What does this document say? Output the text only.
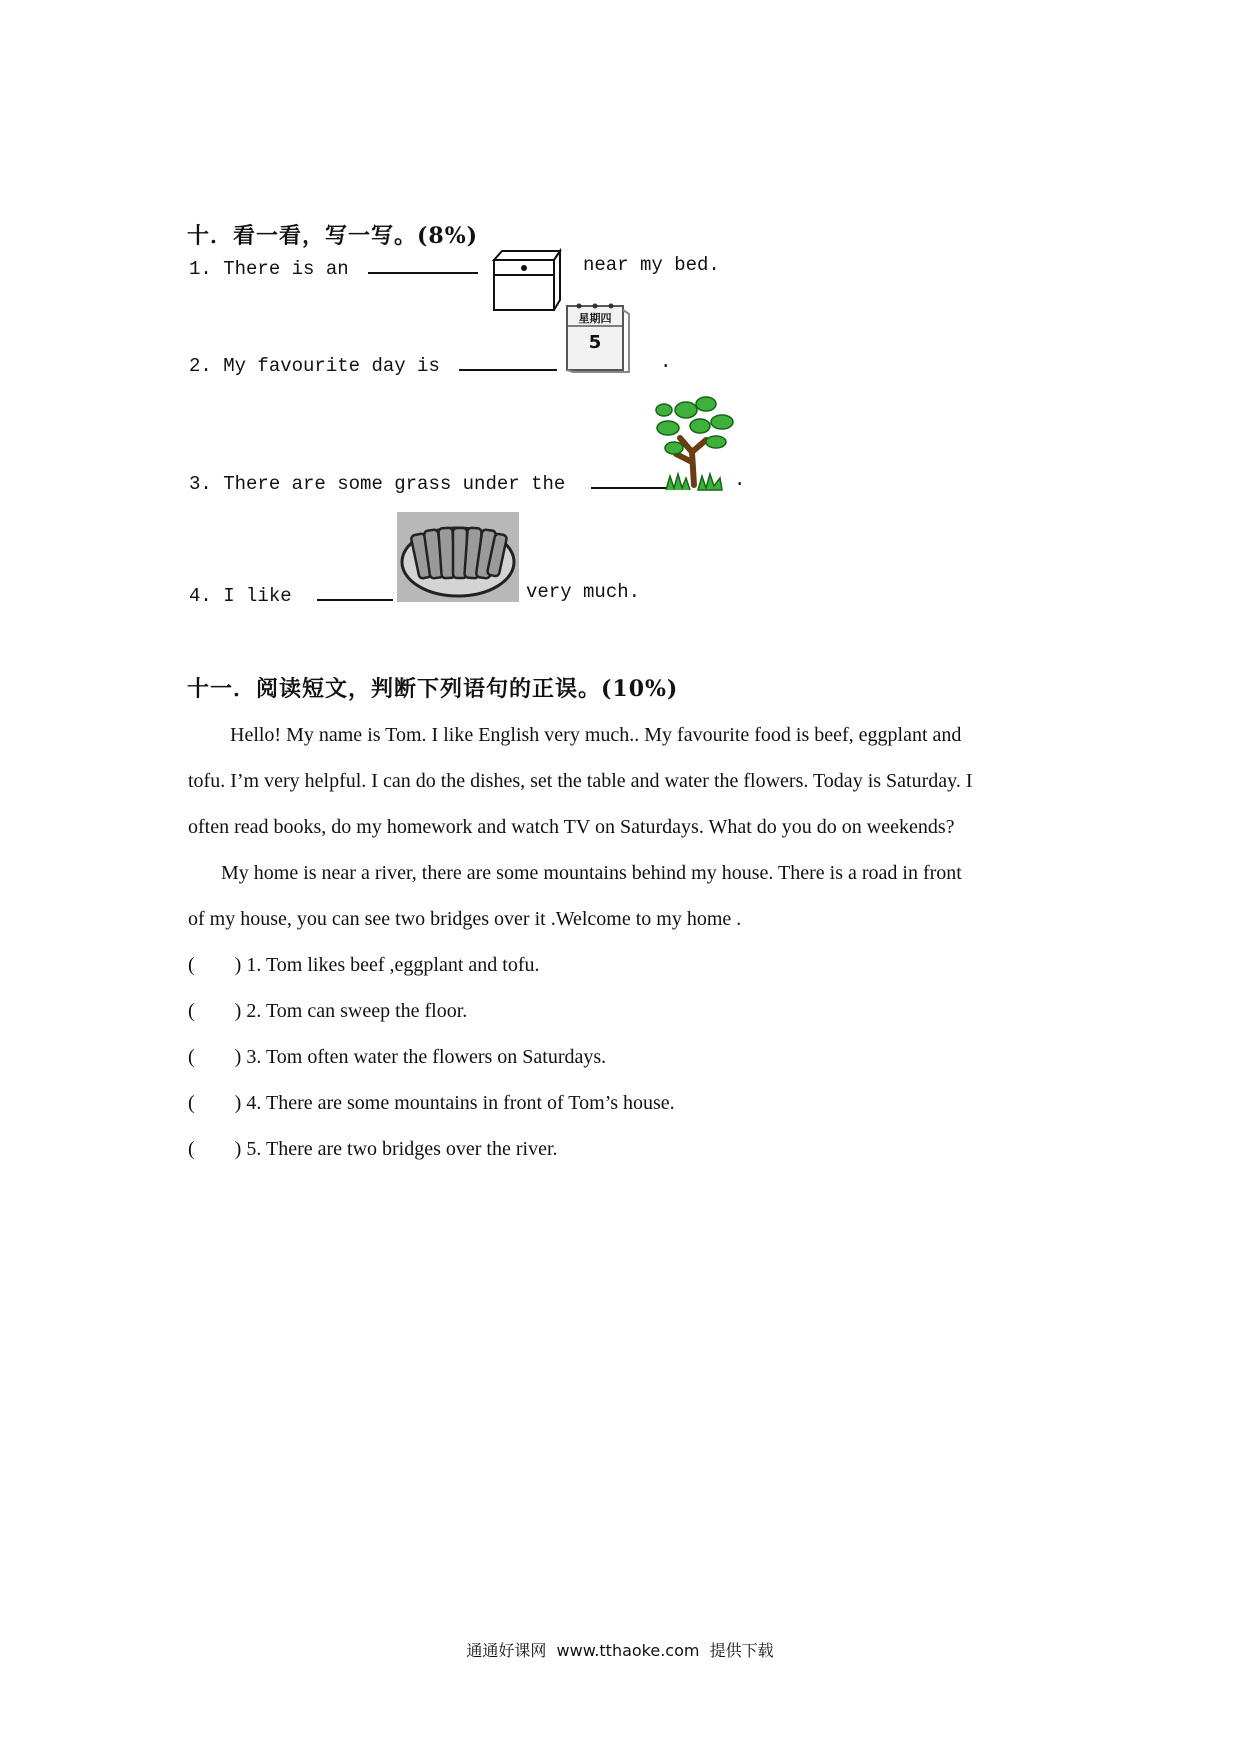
十．看一看，写一写。(8%)
1. There is an	near my bed.
2. My favourite day is
星期四
5
.
3. There are some grass under the	.
4. I like	very much.
十一．阅读短文，判断下列语句的正误。(10%)
Hello! My name is Tom. I like English very much.. My favourite food is beef, eggplant and
tofu. I’m very helpful. I can do the dishes, set the table and water the flowers. Today is Saturday. I
often read books, do my homework and watch TV on Saturdays. What do you do on weekends?
My home is near a river, there are some mountains behind my house. There is a road in front
of my house, you can see two bridges over it .Welcome to my home .
( ) 1. Tom likes beef ,eggplant and tofu.
( ) 2. Tom can sweep the floor.
( ) 3. Tom often water the flowers on Saturdays.
( ) 4. There are some mountains in front of Tom’s house.
( ) 5. There are two bridges over the river.
通通好课网  www.tthaoke.com  提供下载
